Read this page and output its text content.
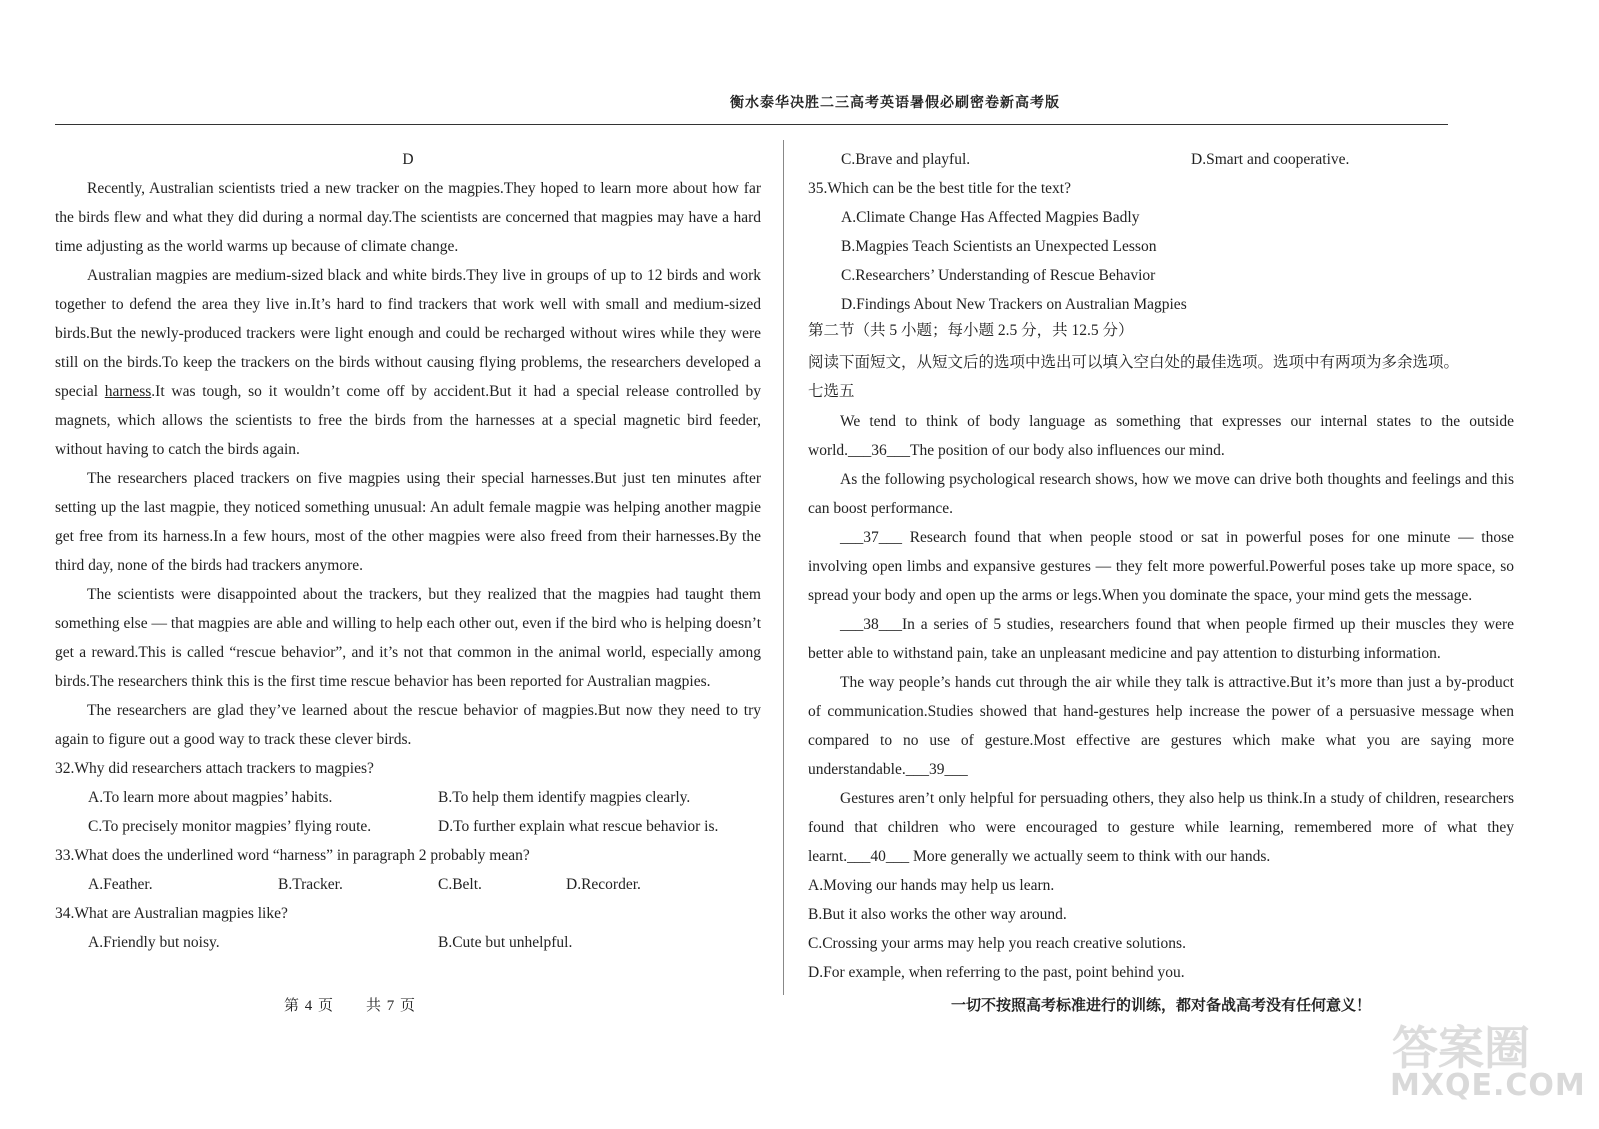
衡水泰华决胜二三高考英语暑假必刷密卷新高考版

D

Recently, Australian scientists tried a new tracker on the magpies.They hoped to learn more about how far the birds flew and what they did during a normal day.The scientists are concerned that magpies may have a hard time adjusting as the world warms up because of climate change.

Australian magpies are medium-sized black and white birds.They live in groups of up to 12 birds and work together to defend the area they live in.It’s hard to find trackers that work well with small and medium-sized birds.But the newly-produced trackers were light enough and could be recharged without wires while they were still on the birds.To keep the trackers on the birds without causing flying problems, the researchers developed a special harness.It was tough, so it wouldn’t come off by accident.But it had a special release controlled by magnets, which allows the scientists to free the birds from the harnesses at a special magnetic bird feeder, without having to catch the birds again.

The researchers placed trackers on five magpies using their special harnesses.But just ten minutes after setting up the last magpie, they noticed something unusual: An adult female magpie was helping another magpie get free from its harness.In a few hours, most of the other magpies were also freed from their harnesses.By the third day, none of the birds had trackers anymore.

The scientists were disappointed about the trackers, but they realized that the magpies had taught them something else — that magpies are able and willing to help each other out, even if the bird who is helping doesn’t get a reward.This is called “rescue behavior”, and it’s not that common in the animal world, especially among birds.The researchers think this is the first time rescue behavior has been reported for Australian magpies.

The researchers are glad they’ve learned about the rescue behavior of magpies.But now they need to try again to figure out a good way to track these clever birds.

32.Why did researchers attach trackers to magpies?

A.To learn more about magpies’ habits.	B.To help them identify magpies clearly.
C.To precisely monitor magpies’ flying route.	D.To further explain what rescue behavior is.

33.What does the underlined word “harness” in paragraph 2 probably mean?

A.Feather.	B.Tracker.	C.Belt.	D.Recorder.

34.What are Australian magpies like?

A.Friendly but noisy.	B.Cute but unhelpful.
C.Brave and playful.	D.Smart and cooperative.

35.Which can be the best title for the text?

A.Climate Change Has Affected Magpies Badly
B.Magpies Teach Scientists an Unexpected Lesson
C.Researchers’ Understanding of Rescue Behavior
D.Findings About New Trackers on Australian Magpies

第二节（共 5 小题；每小题 2.5 分，共 12.5 分）

阅读下面短文，从短文后的选项中选出可以填入空白处的最佳选项。选项中有两项为多余选项。

七选五

We tend to think of body language as something that expresses our internal states to the outside world.___36___The position of our body also influences our mind.

As the following psychological research shows, how we move can drive both thoughts and feelings and this can boost performance.

___37___ Research found that when people stood or sat in powerful poses for one minute — those involving open limbs and expansive gestures — they felt more powerful.Powerful poses take up more space, so spread your body and open up the arms or legs.When you dominate the space, your mind gets the message.

___38___In a series of 5 studies, researchers found that when people firmed up their muscles they were better able to withstand pain, take an unpleasant medicine and pay attention to disturbing information.

The way people’s hands cut through the air while they talk is attractive.But it’s more than just a by-product of communication.Studies showed that hand-gestures help increase the power of a persuasive message when compared to no use of gesture.Most effective are gestures which make what you are saying more understandable.___39___

Gestures aren’t only helpful for persuading others, they also help us think.In a study of children, researchers found that children who were encouraged to gesture while learning, remembered more of what they learnt.___40___ More generally we actually seem to think with our hands.

A.Moving our hands may help us learn.

B.But it also works the other way around.

C.Crossing your arms may help you reach creative solutions.

D.For example, when referring to the past, point behind you.

第 4 页　　共 7 页	一切不按照高考标准进行的训练，都对备战高考没有任何意义！
答案圈
MXQE.COM
